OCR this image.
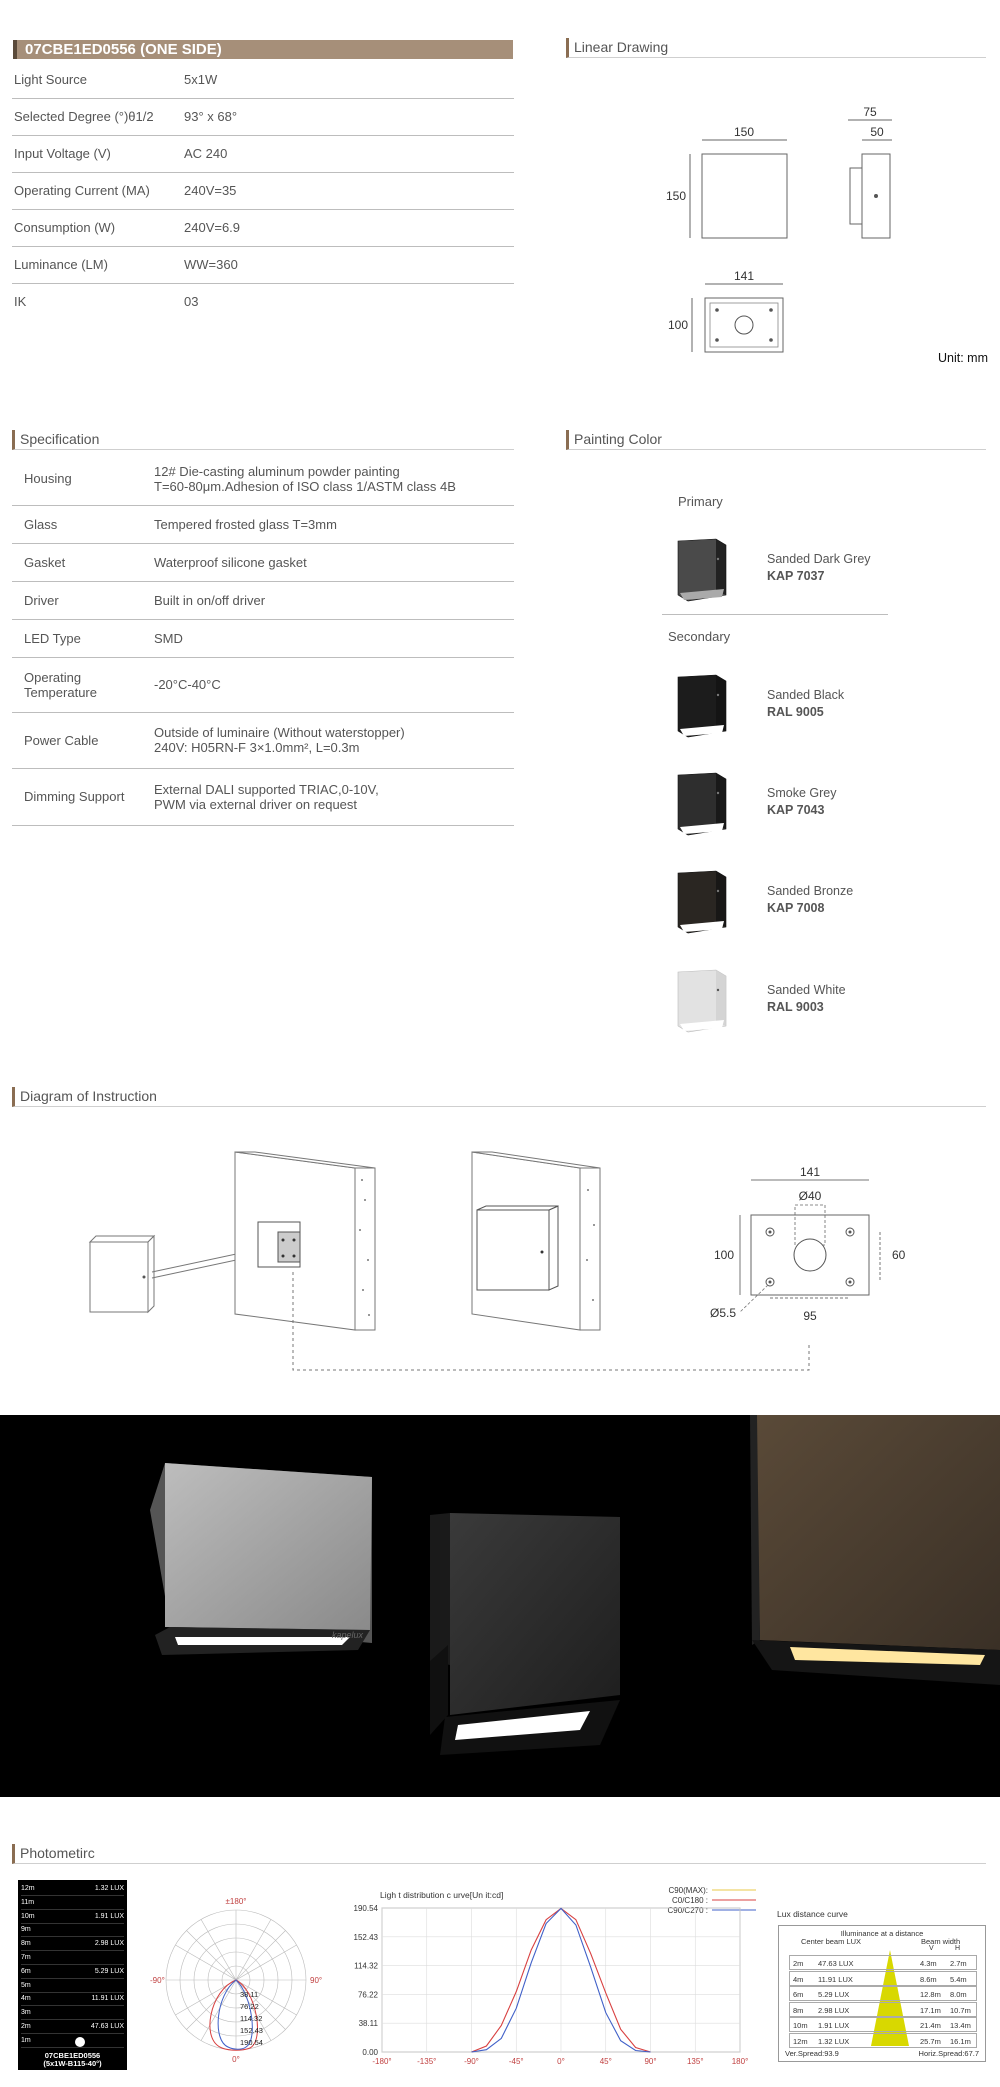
07CBE1ED0556 (ONE SIDE)
Light Source	5x1W
Selected Degree (°)θ1/2	93° x 68°
Input Voltage (V)	AC 240
Operating Current (MA)	240V=35
Consumption (W)	240V=6.9
Luminance (LM)	WW=360
IK	03
Linear Drawing
150
150
75
50
141
100
Unit: mm
Specification
Housing	12# Die-casting aluminum powder painting
T=60-80μm.Adhesion of ISO class 1/ASTM class 4B

Glass	Tempered frosted glass T=3mm

Gasket	Waterproof silicone gasket

Driver	Built in on/off driver

LED Type	SMD

Operating
Temperature	-20°C-40°C

Power Cable	Outside of luminaire (Without waterstopper)
240V: H05RN-F 3×1.0mm², L=0.3m

Dimming Support	External DALI supported TRIAC,0-10V,
PWM via external driver on request
Painting Color
Primary
Secondary
Sanded Dark Grey
KAP 7037
Sanded Black
RAL 9005
Smoke Grey
KAP 7043
Sanded Bronze
KAP 7008
Sanded White
RAL 9003
Diagram of Instruction
141
Ø40
100	60
95
Ø5.5
kapelux
Photometirc
12m	1.32 LUX
11m
10m	1.91 LUX
9m
8m	2.98 LUX
7m
6m	5.29 LUX
5m
4m	11.91 LUX
3m
2m	47.63 LUX
1m
07CBE1ED0556
(5x1W-B115-40°)
±180°
-90°	90°
0°
38.11
76.22
114.32
152.43
190.54
Ligh t distribution c urve[Un it:cd]	C90(MAX):
C0/C180 :
C90/C270 :
0.00
38.11
76.22
114.32
152.43
190.54
-180°	-135°	-90°	-45°	0°	45°	90°	135°	180°
Lux distance curve
Illuminance at a distance
Center beam LUX	Beam width
V	H
2m 47.63 LUX	4.3m 2.7m
4m 11.91 LUX	8.6m 5.4m
6m 5.29 LUX	12.8m 8.0m
8m 2.98 LUX	17.1m 10.7m
10m 1.91 LUX	21.4m 13.4m
12m 1.32 LUX	25.7m 16.1m
Ver.Spread:93.9	Horiz.Spread:67.7
